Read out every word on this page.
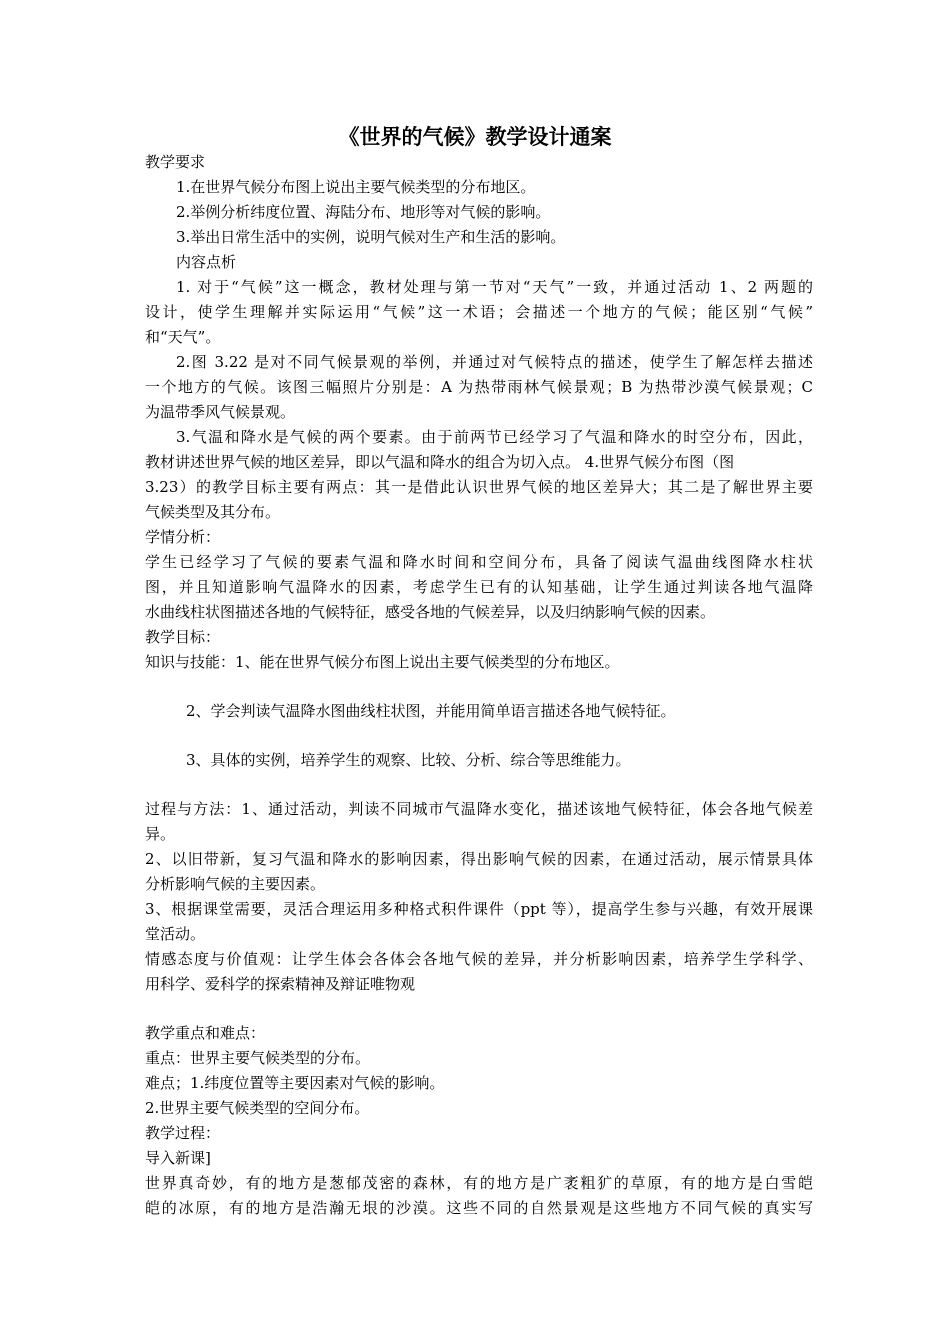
《世界的气候》教学设计通案
教学要求
1.在世界气候分布图上说出主要气候类型的分布地区。
2.举例分析纬度位置、海陆分布、地形等对气候的影响。
3.举出日常生活中的实例，说明气候对生产和生活的影响。
内容点析
1. 对于“气候”这一概念，教材处理与第一节对“天气”一致，并通过活动 1、2 两题的
设计，使学生理解并实际运用“气候”这一术语；会描述一个地方的气候；能区别“气候”
和“天气”。
2.图 3.22 是对不同气候景观的举例，并通过对气候特点的描述，使学生了解怎样去描述
一个地方的气候。该图三幅照片分别是：A 为热带雨林气候景观；B 为热带沙漠气候景观；C
为温带季风气候景观。
3.气温和降水是气候的两个要素。由于前两节已经学习了气温和降水的时空分布，因此，
教材讲述世界气候的地区差异，即以气温和降水的组合为切入点。 4.世界气候分布图（图
3.23）的教学目标主要有两点：其一是借此认识世界气候的地区差异大；其二是了解世界主要
气候类型及其分布。
学情分析：
学生已经学习了气候的要素气温和降水时间和空间分布，具备了阅读气温曲线图降水柱状
图，并且知道影响气温降水的因素，考虑学生已有的认知基础，让学生通过判读各地气温降
水曲线柱状图描述各地的气候特征，感受各地的气候差异，以及归纳影响气候的因素。
教学目标：
知识与技能：1、能在世界气候分布图上说出主要气候类型的分布地区。
2、学会判读气温降水图曲线柱状图，并能用简单语言描述各地气候特征。
3、具体的实例，培养学生的观察、比较、分析、综合等思维能力。
过程与方法：1、通过活动，判读不同城市气温降水变化，描述该地气候特征，体会各地气候差
异。
2、以旧带新，复习气温和降水的影响因素，得出影响气候的因素，在通过活动，展示情景具体
分析影响气候的主要因素。
3、根据课堂需要，灵活合理运用多种格式积件课件（ppt 等），提高学生参与兴趣，有效开展课
堂活动。
情感态度与价值观：让学生体会各体会各地气候的差异，并分析影响因素，培养学生学科学、
用科学、爱科学的探索精神及辩证唯物观
教学重点和难点：
重点：世界主要气候类型的分布。
难点；1.纬度位置等主要因素对气候的影响。
2.世界主要气候类型的空间分布。
教学过程：
导入新课]
世界真奇妙，有的地方是葱郁茂密的森林，有的地方是广袤粗犷的草原，有的地方是白雪皑
皑的冰原，有的地方是浩瀚无垠的沙漠。这些不同的自然景观是这些地方不同气候的真实写
